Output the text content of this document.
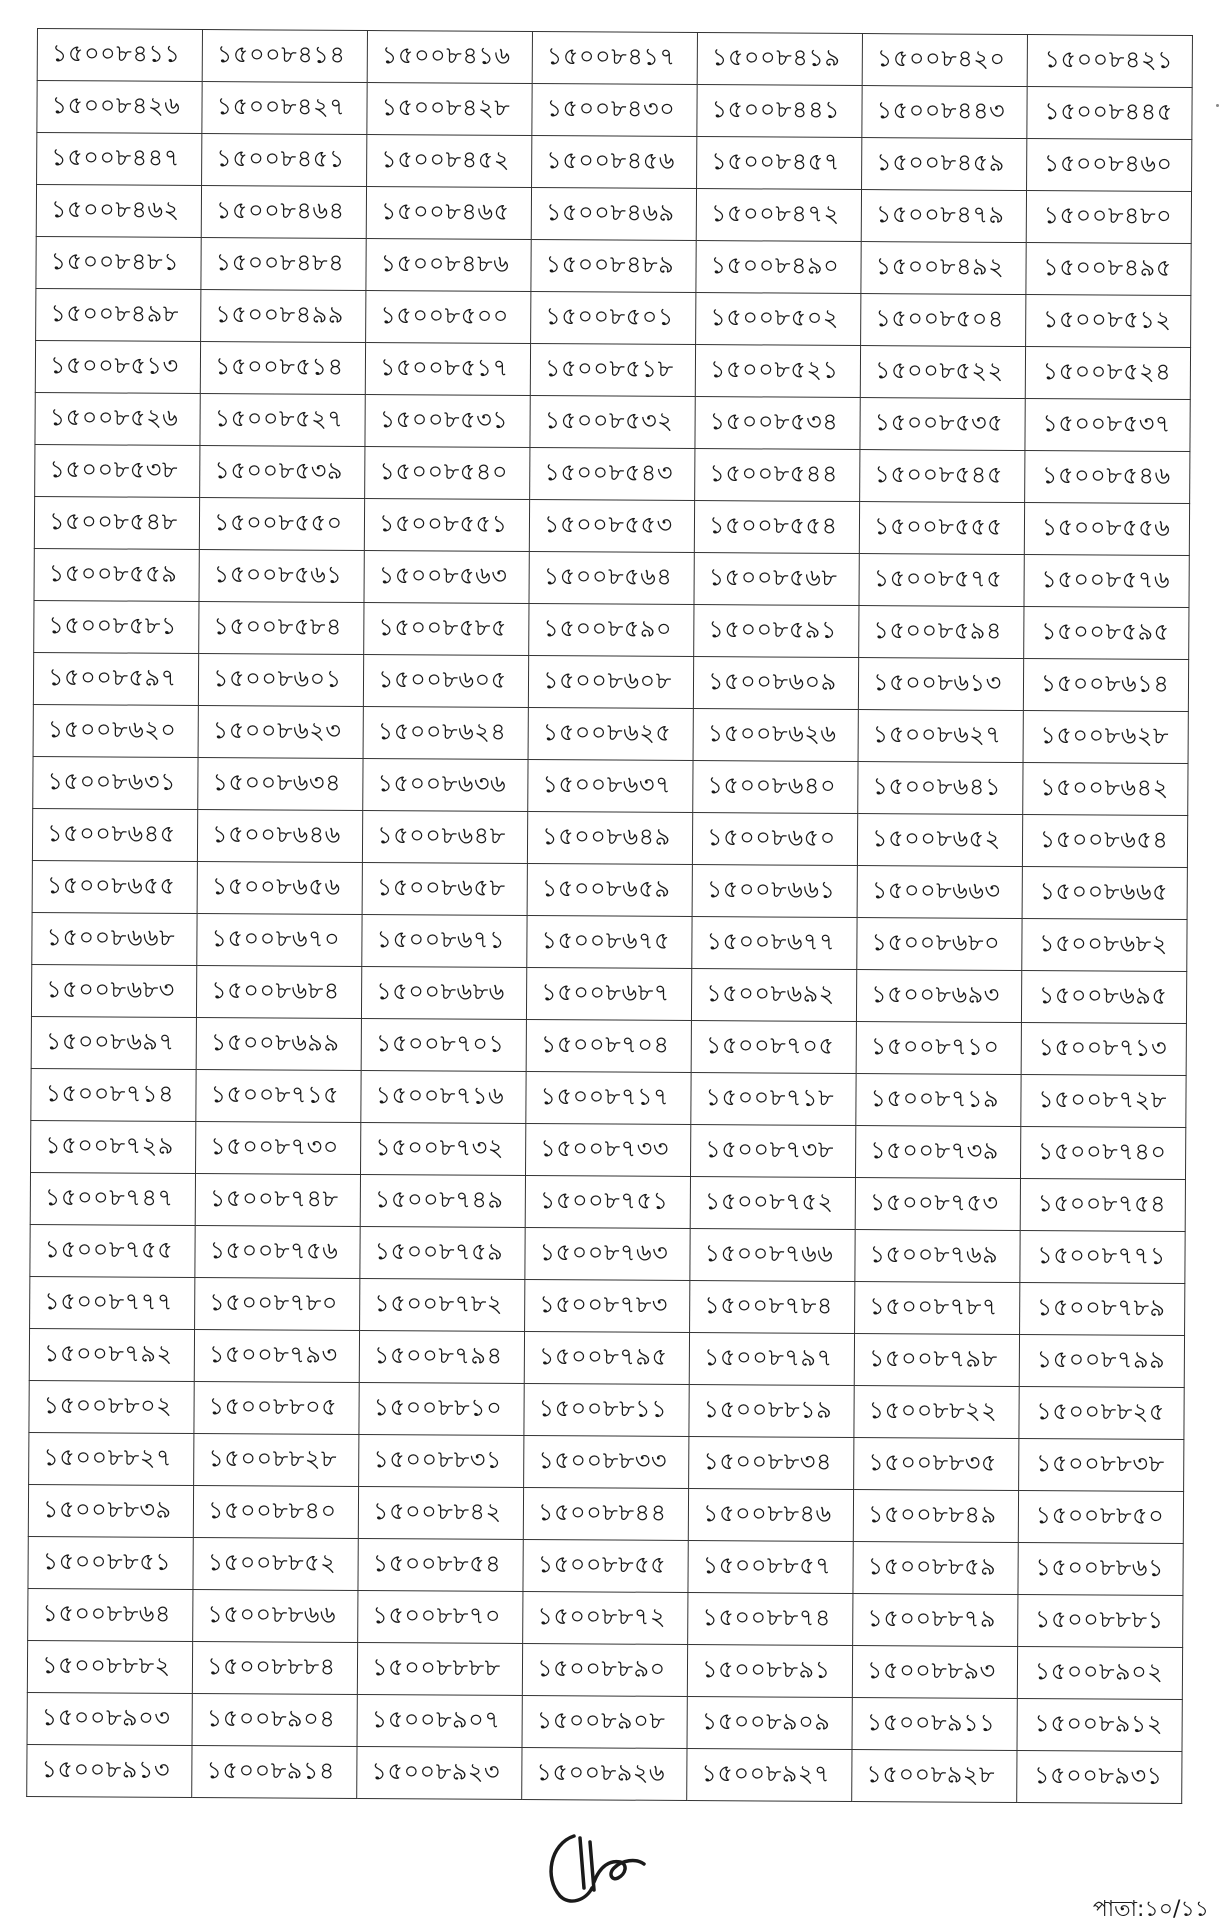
১৫০০৮৪১১	১৫০০৮৪১৪	১৫০০৮৪১৬	১৫০০৮৪১৭	১৫০০৮৪১৯	১৫০০৮৪২০	১৫০০৮৪২১
১৫০০৮৪২৬	১৫০০৮৪২৭	১৫০০৮৪২৮	১৫০০৮৪৩০	১৫০০৮৪৪১	১৫০০৮৪৪৩	১৫০০৮৪৪৫
১৫০০৮৪৪৭	১৫০০৮৪৫১	১৫০০৮৪৫২	১৫০০৮৪৫৬	১৫০০৮৪৫৭	১৫০০৮৪৫৯	১৫০০৮৪৬০
১৫০০৮৪৬২	১৫০০৮৪৬৪	১৫০০৮৪৬৫	১৫০০৮৪৬৯	১৫০০৮৪৭২	১৫০০৮৪৭৯	১৫০০৮৪৮০
১৫০০৮৪৮১	১৫০০৮৪৮৪	১৫০০৮৪৮৬	১৫০০৮৪৮৯	১৫০০৮৪৯০	১৫০০৮৪৯২	১৫০০৮৪৯৫
১৫০০৮৪৯৮	১৫০০৮৪৯৯	১৫০০৮৫০০	১৫০০৮৫০১	১৫০০৮৫০২	১৫০০৮৫০৪	১৫০০৮৫১২
১৫০০৮৫১৩	১৫০০৮৫১৪	১৫০০৮৫১৭	১৫০০৮৫১৮	১৫০০৮৫২১	১৫০০৮৫২২	১৫০০৮৫২৪
১৫০০৮৫২৬	১৫০০৮৫২৭	১৫০০৮৫৩১	১৫০০৮৫৩২	১৫০০৮৫৩৪	১৫০০৮৫৩৫	১৫০০৮৫৩৭
১৫০০৮৫৩৮	১৫০০৮৫৩৯	১৫০০৮৫৪০	১৫০০৮৫৪৩	১৫০০৮৫৪৪	১৫০০৮৫৪৫	১৫০০৮৫৪৬
১৫০০৮৫৪৮	১৫০০৮৫৫০	১৫০০৮৫৫১	১৫০০৮৫৫৩	১৫০০৮৫৫৪	১৫০০৮৫৫৫	১৫০০৮৫৫৬
১৫০০৮৫৫৯	১৫০০৮৫৬১	১৫০০৮৫৬৩	১৫০০৮৫৬৪	১৫০০৮৫৬৮	১৫০০৮৫৭৫	১৫০০৮৫৭৬
১৫০০৮৫৮১	১৫০০৮৫৮৪	১৫০০৮৫৮৫	১৫০০৮৫৯০	১৫০০৮৫৯১	১৫০০৮৫৯৪	১৫০০৮৫৯৫
১৫০০৮৫৯৭	১৫০০৮৬০১	১৫০০৮৬০৫	১৫০০৮৬০৮	১৫০০৮৬০৯	১৫০০৮৬১৩	১৫০০৮৬১৪
১৫০০৮৬২০	১৫০০৮৬২৩	১৫০০৮৬২৪	১৫০০৮৬২৫	১৫০০৮৬২৬	১৫০০৮৬২৭	১৫০০৮৬২৮
১৫০০৮৬৩১	১৫০০৮৬৩৪	১৫০০৮৬৩৬	১৫০০৮৬৩৭	১৫০০৮৬৪০	১৫০০৮৬৪১	১৫০০৮৬৪২
১৫০০৮৬৪৫	১৫০০৮৬৪৬	১৫০০৮৬৪৮	১৫০০৮৬৪৯	১৫০০৮৬৫০	১৫০০৮৬৫২	১৫০০৮৬৫৪
১৫০০৮৬৫৫	১৫০০৮৬৫৬	১৫০০৮৬৫৮	১৫০০৮৬৫৯	১৫০০৮৬৬১	১৫০০৮৬৬৩	১৫০০৮৬৬৫
১৫০০৮৬৬৮	১৫০০৮৬৭০	১৫০০৮৬৭১	১৫০০৮৬৭৫	১৫০০৮৬৭৭	১৫০০৮৬৮০	১৫০০৮৬৮২
১৫০০৮৬৮৩	১৫০০৮৬৮৪	১৫০০৮৬৮৬	১৫০০৮৬৮৭	১৫০০৮৬৯২	১৫০০৮৬৯৩	১৫০০৮৬৯৫
১৫০০৮৬৯৭	১৫০০৮৬৯৯	১৫০০৮৭০১	১৫০০৮৭০৪	১৫০০৮৭০৫	১৫০০৮৭১০	১৫০০৮৭১৩
১৫০০৮৭১৪	১৫০০৮৭১৫	১৫০০৮৭১৬	১৫০০৮৭১৭	১৫০০৮৭১৮	১৫০০৮৭১৯	১৫০০৮৭২৮
১৫০০৮৭২৯	১৫০০৮৭৩০	১৫০০৮৭৩২	১৫০০৮৭৩৩	১৫০০৮৭৩৮	১৫০০৮৭৩৯	১৫০০৮৭৪০
১৫০০৮৭৪৭	১৫০০৮৭৪৮	১৫০০৮৭৪৯	১৫০০৮৭৫১	১৫০০৮৭৫২	১৫০০৮৭৫৩	১৫০০৮৭৫৪
১৫০০৮৭৫৫	১৫০০৮৭৫৬	১৫০০৮৭৫৯	১৫০০৮৭৬৩	১৫০০৮৭৬৬	১৫০০৮৭৬৯	১৫০০৮৭৭১
১৫০০৮৭৭৭	১৫০০৮৭৮০	১৫০০৮৭৮২	১৫০০৮৭৮৩	১৫০০৮৭৮৪	১৫০০৮৭৮৭	১৫০০৮৭৮৯
১৫০০৮৭৯২	১৫০০৮৭৯৩	১৫০০৮৭৯৪	১৫০০৮৭৯৫	১৫০০৮৭৯৭	১৫০০৮৭৯৮	১৫০০৮৭৯৯
১৫০০৮৮০২	১৫০০৮৮০৫	১৫০০৮৮১০	১৫০০৮৮১১	১৫০০৮৮১৯	১৫০০৮৮২২	১৫০০৮৮২৫
১৫০০৮৮২৭	১৫০০৮৮২৮	১৫০০৮৮৩১	১৫০০৮৮৩৩	১৫০০৮৮৩৪	১৫০০৮৮৩৫	১৫০০৮৮৩৮
১৫০০৮৮৩৯	১৫০০৮৮৪০	১৫০০৮৮৪২	১৫০০৮৮৪৪	১৫০০৮৮৪৬	১৫০০৮৮৪৯	১৫০০৮৮৫০
১৫০০৮৮৫১	১৫০০৮৮৫২	১৫০০৮৮৫৪	১৫০০৮৮৫৫	১৫০০৮৮৫৭	১৫০০৮৮৫৯	১৫০০৮৮৬১
১৫০০৮৮৬৪	১৫০০৮৮৬৬	১৫০০৮৮৭০	১৫০০৮৮৭২	১৫০০৮৮৭৪	১৫০০৮৮৭৯	১৫০০৮৮৮১
১৫০০৮৮৮২	১৫০০৮৮৮৪	১৫০০৮৮৮৮	১৫০০৮৮৯০	১৫০০৮৮৯১	১৫০০৮৮৯৩	১৫০০৮৯০২
১৫০০৮৯০৩	১৫০০৮৯০৪	১৫০০৮৯০৭	১৫০০৮৯০৮	১৫০০৮৯০৯	১৫০০৮৯১১	১৫০০৮৯১২
১৫০০৮৯১৩	১৫০০৮৯১৪	১৫০০৮৯২৩	১৫০০৮৯২৬	১৫০০৮৯২৭	১৫০০৮৯২৮	১৫০০৮৯৩১
পাতা:১০/১১
